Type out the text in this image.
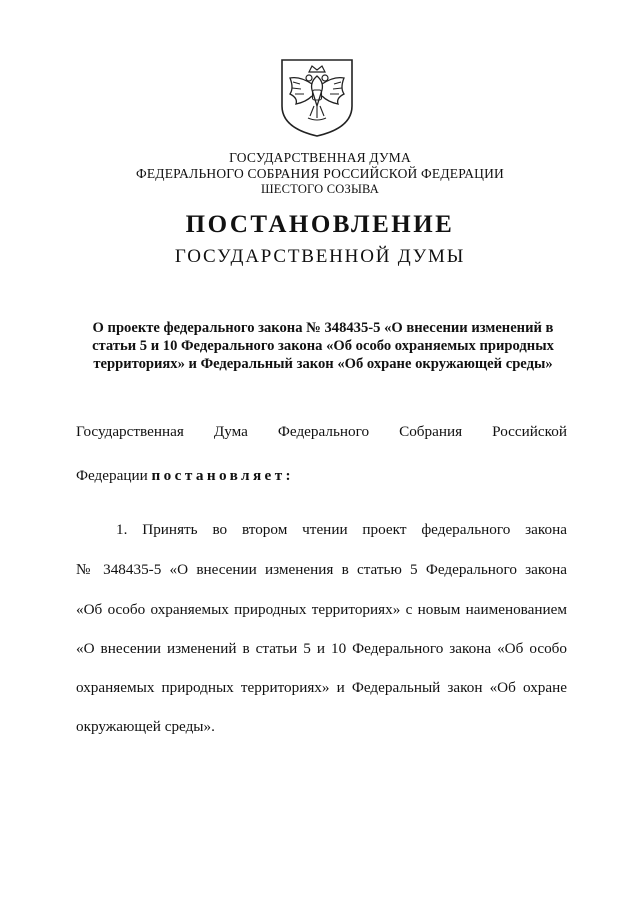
ГОСУДАРСТВЕННАЯ ДУМА
ФЕДЕРАЛЬНОГО СОБРАНИЯ РОССИЙСКОЙ ФЕДЕРАЦИИ
ШЕСТОГО СОЗЫВА
ПОСТАНОВЛЕНИЕ
ГОСУДАРСТВЕННОЙ ДУМЫ
О проекте федерального закона № 348435-5 «О внесении изменений в статьи 5 и 10 Федерального закона «Об особо охраняемых природных территориях» и Федеральный закон «Об охране окружающей среды»
Государственная Дума Федерального Собрания Российской
Федерации постановляет:
1. Принять во втором чтении проект федерального закона
№ 348435-5 «О внесении изменения в статью 5 Федерального закона
«Об особо охраняемых природных территориях» с новым наименованием
«О внесении изменений в статьи 5 и 10 Федерального закона «Об особо
охраняемых природных территориях» и Федеральный закон «Об охране
окружающей среды».
